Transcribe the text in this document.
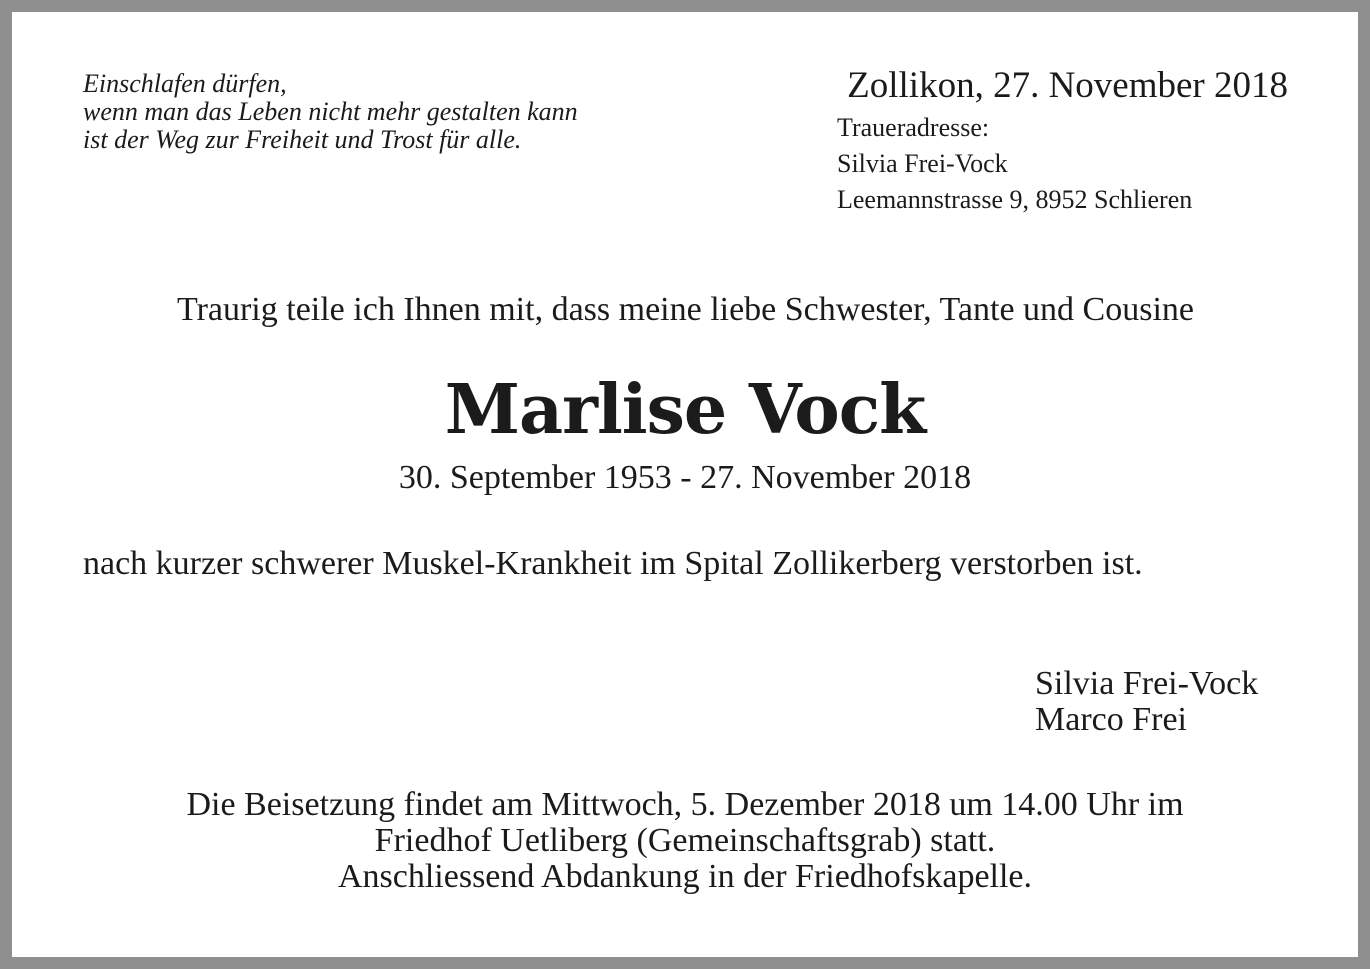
Einschlafen dürfen,
wenn man das Leben nicht mehr gestalten kann
ist der Weg zur Freiheit und Trost für alle.
Zollikon, 27. November 2018
Traueradresse:
Silvia Frei-Vock
Leemannstrasse 9, 8952 Schlieren
Traurig teile ich Ihnen mit, dass meine liebe Schwester, Tante und Cousine
Marlise Vock
30. September 1953 - 27. November 2018
nach kurzer schwerer Muskel-Krankheit im Spital Zollikerberg verstorben ist.
Silvia Frei-Vock
Marco Frei
Die Beisetzung findet am Mittwoch, 5. Dezember 2018 um 14.00 Uhr im
Friedhof Uetliberg (Gemeinschaftsgrab) statt.
Anschliessend Abdankung in der Friedhofskapelle.
